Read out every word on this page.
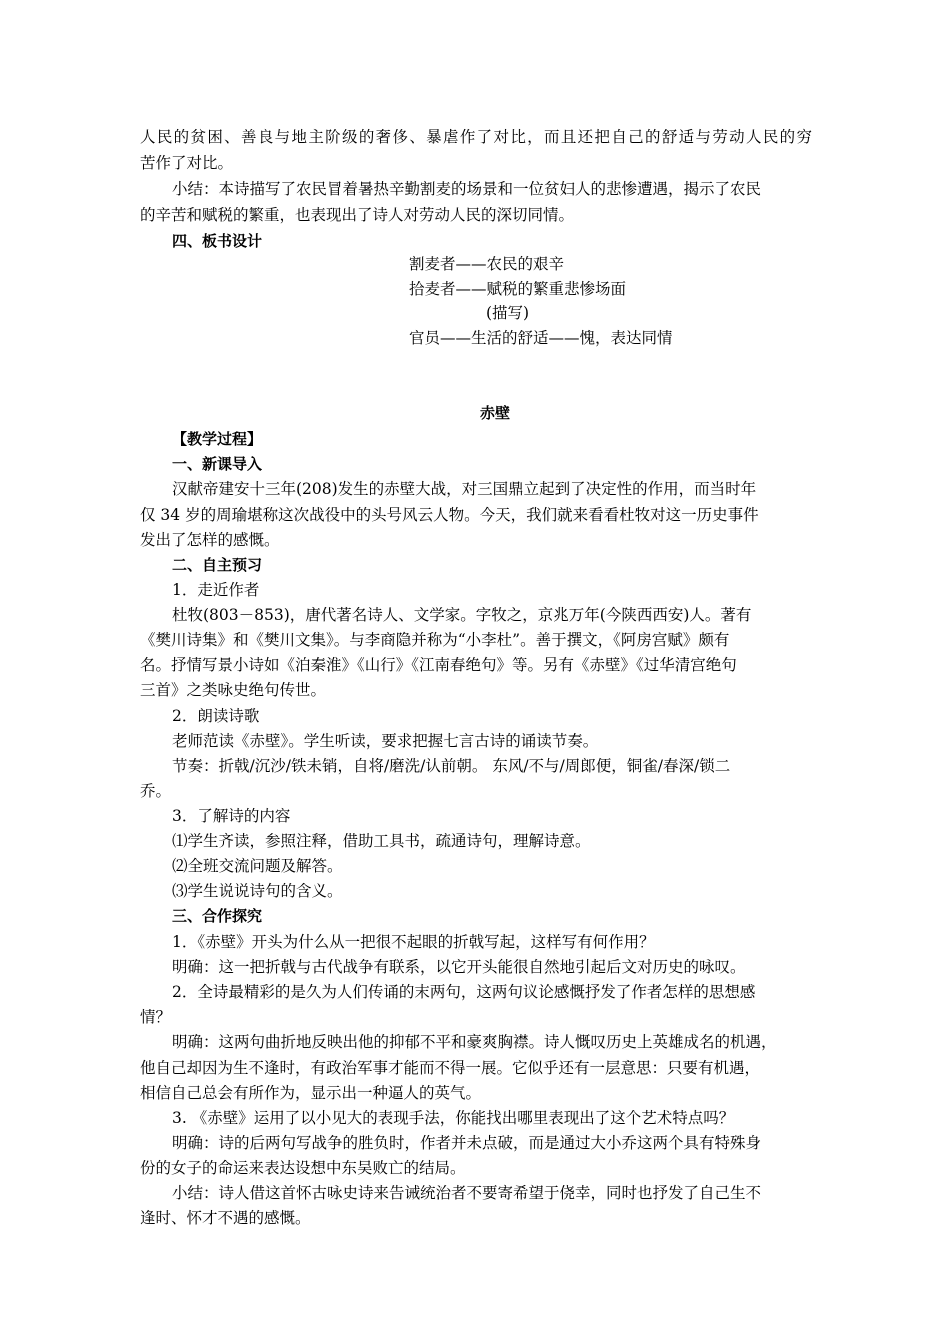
人民的贫困、善良与地主阶级的奢侈、暴虐作了对比，而且还把自己的舒适与劳动人民的穷
苦作了对比。
小结：本诗描写了农民冒着暑热辛勤割麦的场景和一位贫妇人的悲惨遭遇，揭示了农民
的辛苦和赋税的繁重，也表现出了诗人对劳动人民的深切同情。
四、板书设计
割麦者——农民的艰辛
拾麦者——赋税的繁重悲惨场面
(描写)
官员——生活的舒适——愧，表达同情
赤壁
【教学过程】
一、新课导入
汉献帝建安十三年(208)发生的赤壁大战，对三国鼎立起到了决定性的作用，而当时年
仅 34 岁的周瑜堪称这次战役中的头号风云人物。今天，我们就来看看杜牧对这一历史事件
发出了怎样的感慨。
二、自主预习
1．走近作者
杜牧(803－853)，唐代著名诗人、文学家。字牧之，京兆万年(今陕西西安)人。著有
《樊川诗集》和《樊川文集》。与李商隐并称为“小李杜”。善于撰文，《阿房宫赋》颇有
名。抒情写景小诗如《泊秦淮》《山行》《江南春绝句》等。另有《赤壁》《过华清宫绝句
三首》之类咏史绝句传世。
2．朗读诗歌
老师范读《赤壁》。学生听读，要求把握七言古诗的诵读节奏。
节奏：折戟/沉沙/铁未销，自将/磨洗/认前朝。 东风/不与/周郎便，铜雀/春深/锁二
乔。
3．了解诗的内容
⑴学生齐读，参照注释，借助工具书，疏通诗句，理解诗意。
⑵全班交流问题及解答。
⑶学生说说诗句的含义。
三、合作探究
1．《赤壁》开头为什么从一把很不起眼的折戟写起，这样写有何作用？
明确：这一把折戟与古代战争有联系，以它开头能很自然地引起后文对历史的咏叹。
2．全诗最精彩的是久为人们传诵的末两句，这两句议论感慨抒发了作者怎样的思想感
情？
明确：这两句曲折地反映出他的抑郁不平和豪爽胸襟。诗人慨叹历史上英雄成名的机遇，
他自己却因为生不逢时，有政治军事才能而不得一展。它似乎还有一层意思：只要有机遇，
相信自己总会有所作为，显示出一种逼人的英气。
3. 《赤壁》运用了以小见大的表现手法，你能找出哪里表现出了这个艺术特点吗？
明确：诗的后两句写战争的胜负时，作者并未点破，而是通过大小乔这两个具有特殊身
份的女子的命运来表达设想中东吴败亡的结局。
小结：诗人借这首怀古咏史诗来告诫统治者不要寄希望于侥幸，同时也抒发了自己生不
逢时、怀才不遇的感慨。
